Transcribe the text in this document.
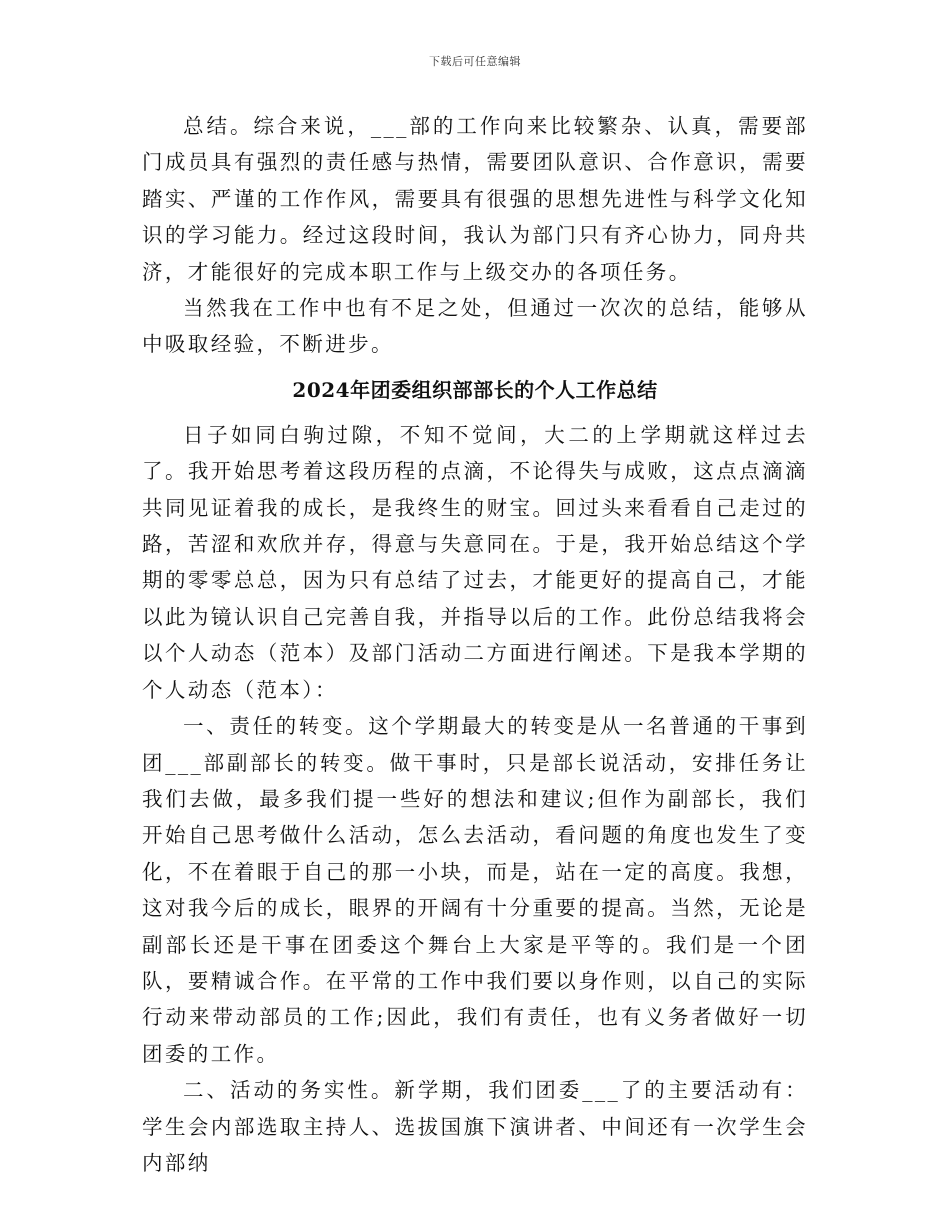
下载后可任意编辑

总结。综合来说，___部的工作向来比较繁杂、认真，需要部门成员具有强烈的责任感与热情，需要团队意识、合作意识，需要踏实、严谨的工作作风，需要具有很强的思想先进性与科学文化知识的学习能力。经过这段时间，我认为部门只有齐心协力，同舟共济，才能很好的完成本职工作与上级交办的各项任务。

当然我在工作中也有不足之处，但通过一次次的总结，能够从中吸取经验，不断进步。

2024年团委组织部部长的个人工作总结

日子如同白驹过隙，不知不觉间，大二的上学期就这样过去了。我开始思考着这段历程的点滴，不论得失与成败，这点点滴滴共同见证着我的成长，是我终生的财宝。回过头来看看自己走过的路，苦涩和欢欣并存，得意与失意同在。于是，我开始总结这个学期的零零总总，因为只有总结了过去，才能更好的提高自己，才能以此为镜认识自己完善自我，并指导以后的工作。此份总结我将会以个人动态（范本）及部门活动二方面进行阐述。下是我本学期的个人动态（范本）：

一、责任的转变。这个学期最大的转变是从一名普通的干事到团___部副部长的转变。做干事时，只是部长说活动，安排任务让我们去做，最多我们提一些好的想法和建议;但作为副部长，我们开始自己思考做什么活动，怎么去活动，看问题的角度也发生了变化，不在着眼于自己的那一小块，而是，站在一定的高度。我想，这对我今后的成长，眼界的开阔有十分重要的提高。当然，无论是副部长还是干事在团委这个舞台上大家是平等的。我们是一个团队，要精诚合作。在平常的工作中我们要以身作则，以自己的实际行动来带动部员的工作;因此，我们有责任，也有义务者做好一切团委的工作。

二、活动的务实性。新学期，我们团委___了的主要活动有：学生会内部选取主持人、选拔国旗下演讲者、中间还有一次学生会内部纳
